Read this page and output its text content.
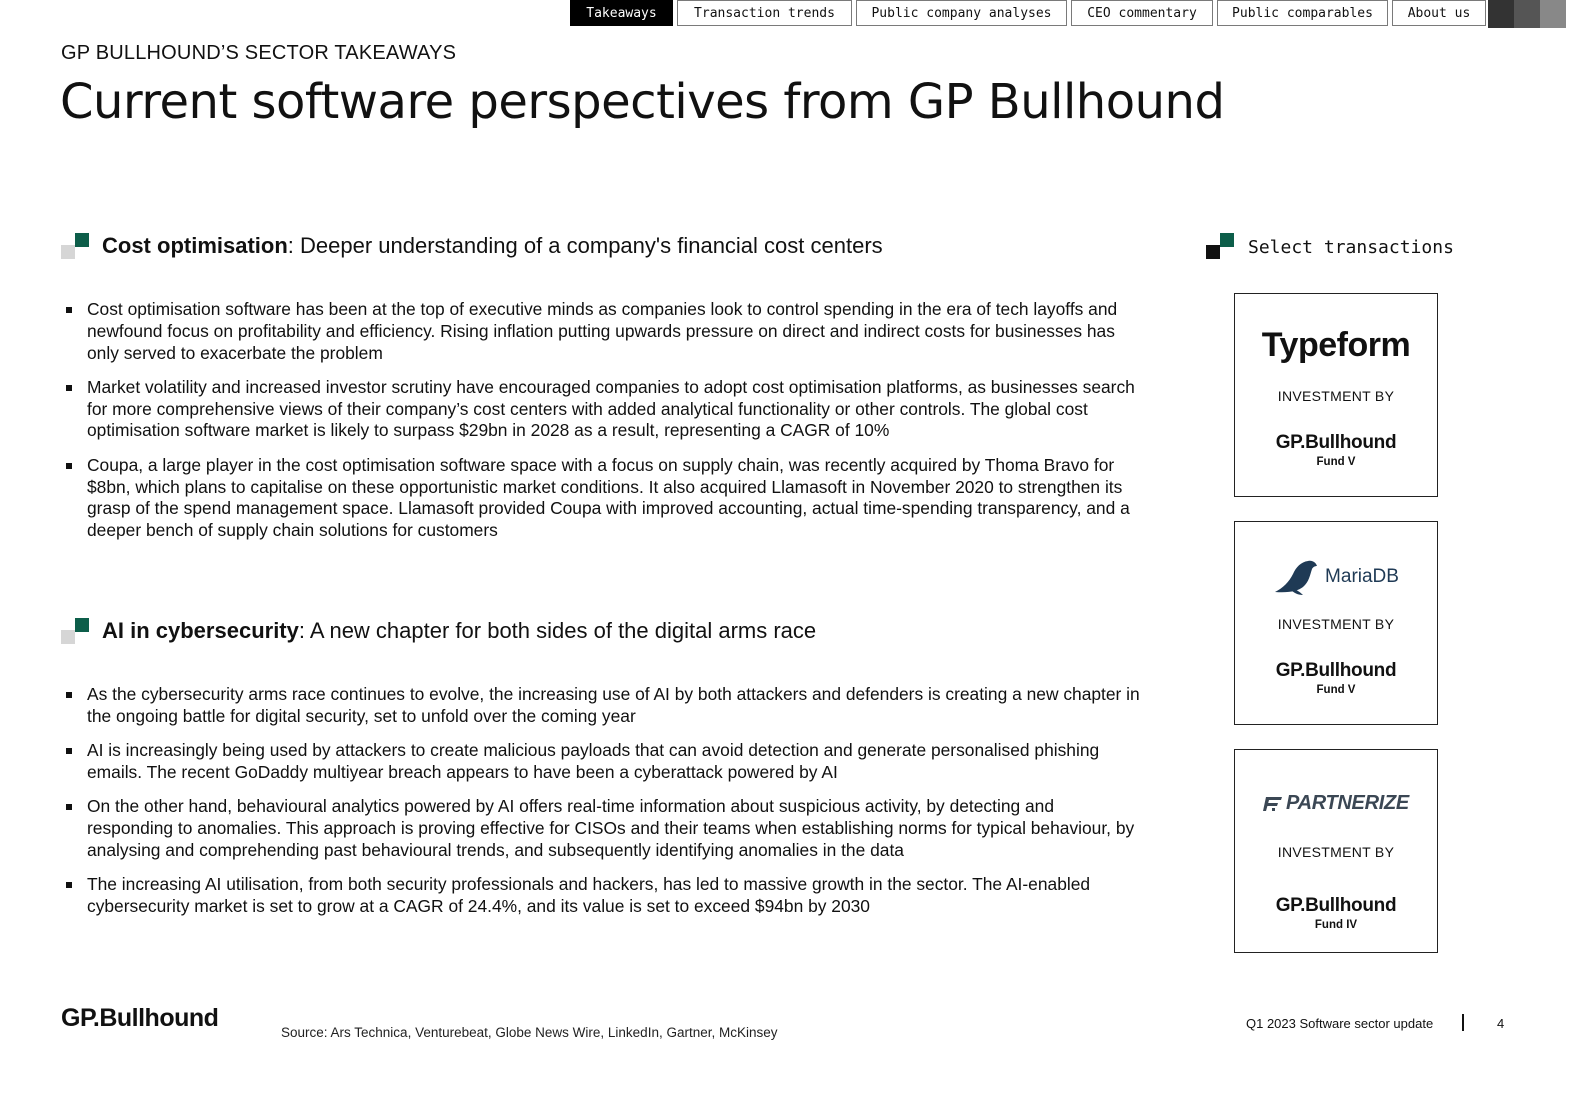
Takeaways	Transaction trends	Public company analyses	CEO commentary	Public comparables	About us
GP BULLHOUND’S SECTOR TAKEAWAYS
Current software perspectives from GP Bullhound
Cost optimisation: Deeper understanding of a company's financial cost centers
Cost optimisation software has been at the top of executive minds as companies look to control spending in the era of tech layoffs and newfound focus on profitability and efficiency. Rising inflation putting upwards pressure on direct and indirect costs for businesses has only served to exacerbate the problem
Market volatility and increased investor scrutiny have encouraged companies to adopt cost optimisation platforms, as businesses search for more comprehensive views of their company’s cost centers with added analytical functionality or other controls. The global cost optimisation software market is likely to surpass $29bn in 2028 as a result, representing a CAGR of 10%
Coupa, a large player in the cost optimisation software space with a focus on supply chain, was recently acquired by Thoma Bravo for $8bn, which plans to capitalise on these opportunistic market conditions. It also acquired Llamasoft in November 2020 to strengthen its grasp of the spend management space. Llamasoft provided Coupa with improved accounting, actual time-spending transparency, and a deeper bench of supply chain solutions for customers
AI in cybersecurity: A new chapter for both sides of the digital arms race
As the cybersecurity arms race continues to evolve, the increasing use of AI by both attackers and defenders is creating a new chapter in the ongoing battle for digital security, set to unfold over the coming year
AI is increasingly being used by attackers to create malicious payloads that can avoid detection and generate personalised phishing emails. The recent GoDaddy multiyear breach appears to have been a cyberattack powered by AI
On the other hand, behavioural analytics powered by AI offers real-time information about suspicious activity, by detecting and responding to anomalies. This approach is proving effective for CISOs and their teams when establishing norms for typical behaviour, by analysing and comprehending past behavioural trends, and subsequently identifying anomalies in the data
The increasing AI utilisation, from both security professionals and hackers, has led to massive growth in the sector. The AI-enabled cybersecurity market is set to grow at a CAGR of 24.4%, and its value is set to exceed $94bn by 2030
Select transactions
Typeform
INVESTMENT BY
GP.Bullhound
Fund V
MariaDB
INVESTMENT BY
GP.Bullhound
Fund V
PARTNERIZE
INVESTMENT BY
GP.Bullhound
Fund IV
GP.Bullhound
Source: Ars Technica, Venturebeat, Globe News Wire, LinkedIn, Gartner, McKinsey
Q1 2023 Software sector update	4
